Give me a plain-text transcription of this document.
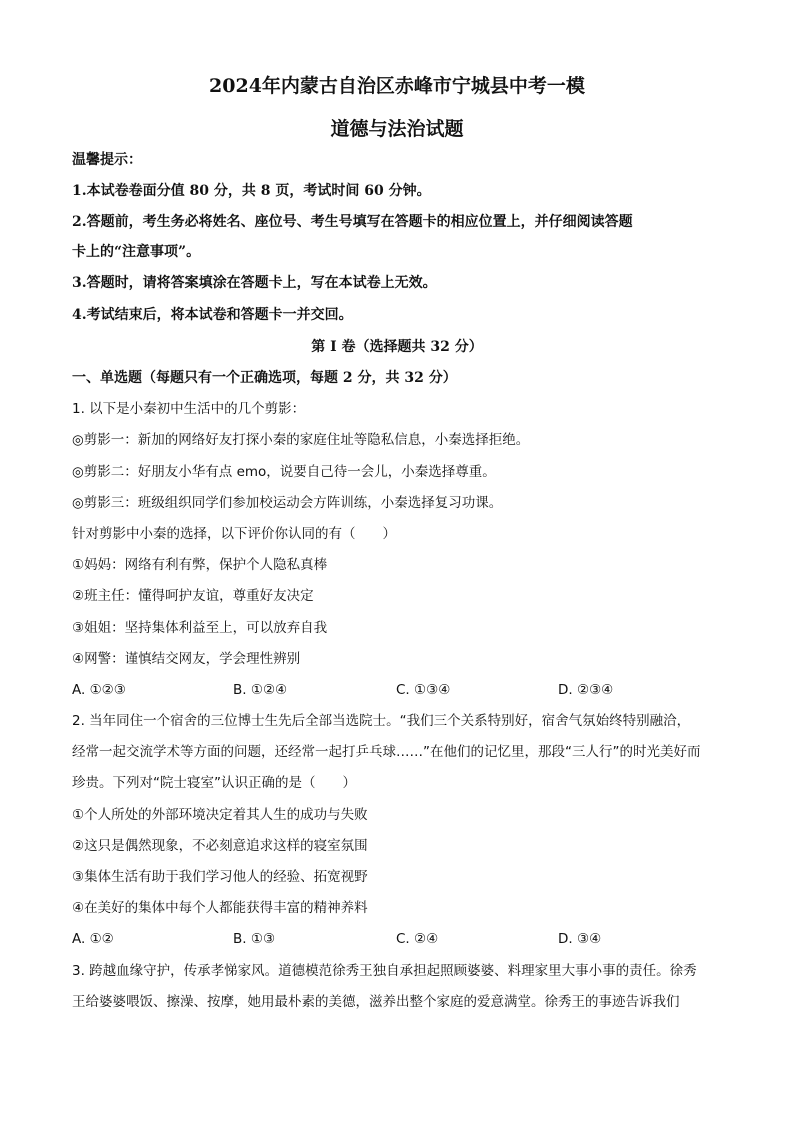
2024年内蒙古自治区赤峰市宁城县中考一模
道德与法治试题
温馨提示：
1.本试卷卷面分值 80 分，共 8 页，考试时间 60 分钟。
2.答题前，考生务必将姓名、座位号、考生号填写在答题卡的相应位置上，并仔细阅读答题
卡上的“注意事项”。
3.答题时，请将答案填涂在答题卡上，写在本试卷上无效。
4.考试结束后，将本试卷和答题卡一并交回。
第 I 卷（选择题共 32 分）
一、单选题（每题只有一个正确选项，每题 2 分，共 32 分）
1. 以下是小秦初中生活中的几个剪影：
◎剪影一：新加的网络好友打探小秦的家庭住址等隐私信息，小秦选择拒绝。
◎剪影二：好朋友小华有点 emo，说要自己待一会儿，小秦选择尊重。
◎剪影三：班级组织同学们参加校运动会方阵训练，小秦选择复习功课。
针对剪影中小秦的选择，以下评价你认同的有（　　）
①妈妈：网络有利有弊，保护个人隐私真棒
②班主任：懂得呵护友谊，尊重好友决定
③姐姐：坚持集体利益至上，可以放弃自我
④网警：谨慎结交网友，学会理性辨别
A. ①②③	B. ①②④	C. ①③④	D. ②③④
2. 当年同住一个宿舍的三位博士生先后全部当选院士。“我们三个关系特别好，宿舍气氛始终特别融洽，
经常一起交流学术等方面的问题，还经常一起打乒乓球……”在他们的记忆里，那段“三人行”的时光美好而
珍贵。下列对“院士寝室”认识正确的是（　　）
①个人所处的外部环境决定着其人生的成功与失败
②这只是偶然现象，不必刻意追求这样的寝室氛围
③集体生活有助于我们学习他人的经验、拓宽视野
④在美好的集体中每个人都能获得丰富的精神养料
A. ①②	B. ①③	C. ②④	D. ③④
3. 跨越血缘守护，传承孝悌家风。道德模范徐秀王独自承担起照顾婆婆、料理家里大事小事的责任。徐秀
王给婆婆喂饭、擦澡、按摩，她用最朴素的美德，滋养出整个家庭的爱意满堂。徐秀王的事迹告诉我们
